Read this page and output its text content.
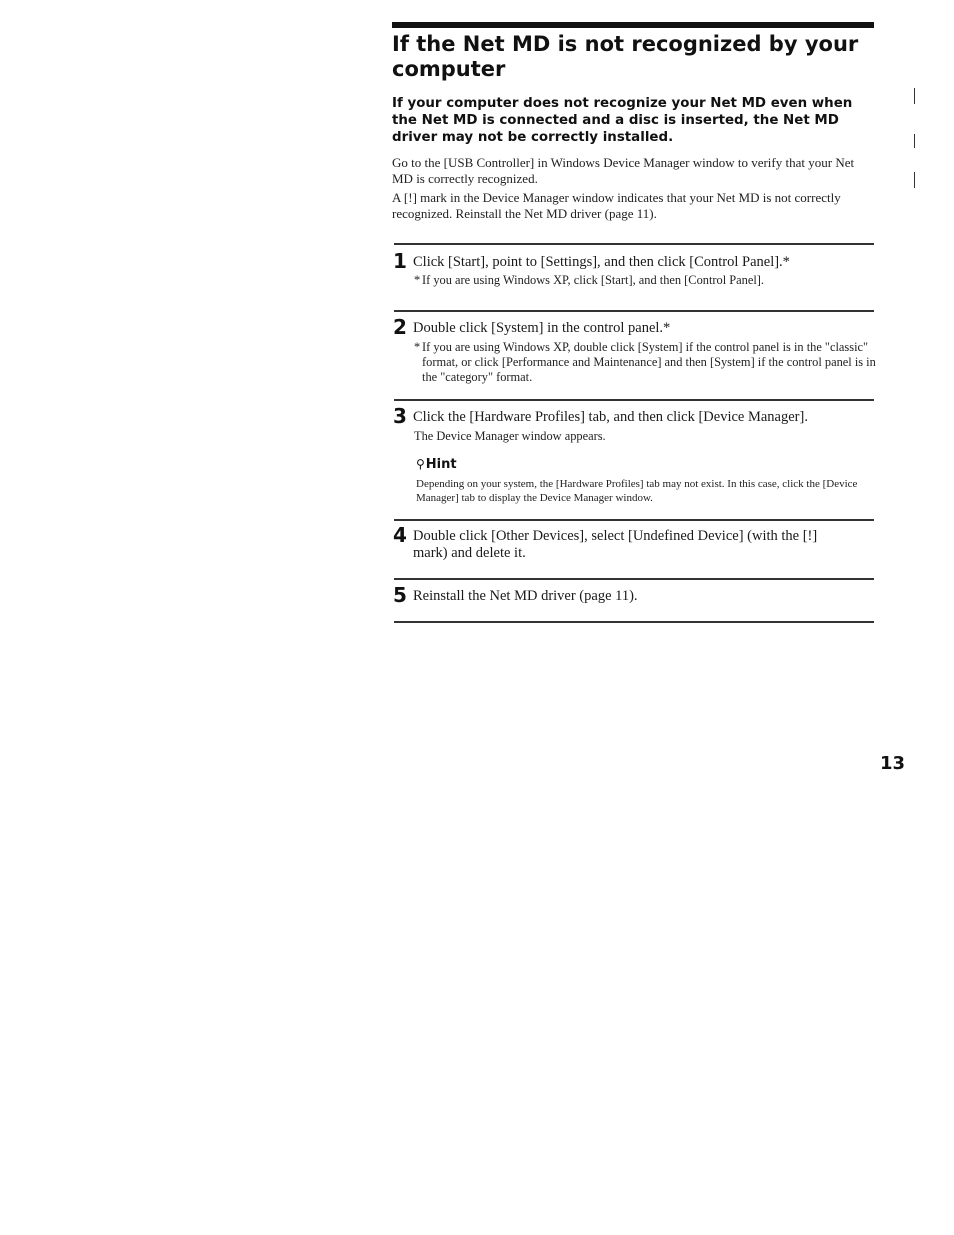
If the Net MD is not recognized by your computer

If your computer does not recognize your Net MD even when the Net MD is connected and a disc is inserted, the Net MD driver may not be correctly installed.

Go to the [USB Controller] in Windows Device Manager window to verify that your Net MD is correctly recognized.

A [!] mark in the Device Manager window indicates that your Net MD is not correctly recognized. Reinstall the Net MD driver (page 11).

1 Click [Start], point to [Settings], and then click [Control Panel].*

* If you are using Windows XP, click [Start], and then [Control Panel].

2 Double click [System] in the control panel.*

* If you are using Windows XP, double click [System] if the control panel is in the "classic" format, or click [Performance and Maintenance] and then [System] if the control panel is in the "category" format.

3 Click the [Hardware Profiles] tab, and then click [Device Manager].

The Device Manager window appears.

⚲Hint

Depending on your system, the [Hardware Profiles] tab may not exist. In this case, click the [Device Manager] tab to display the Device Manager window.

4 Double click [Other Devices], select [Undefined Device] (with the [!] mark) and delete it.

5 Reinstall the Net MD driver (page 11).

13
